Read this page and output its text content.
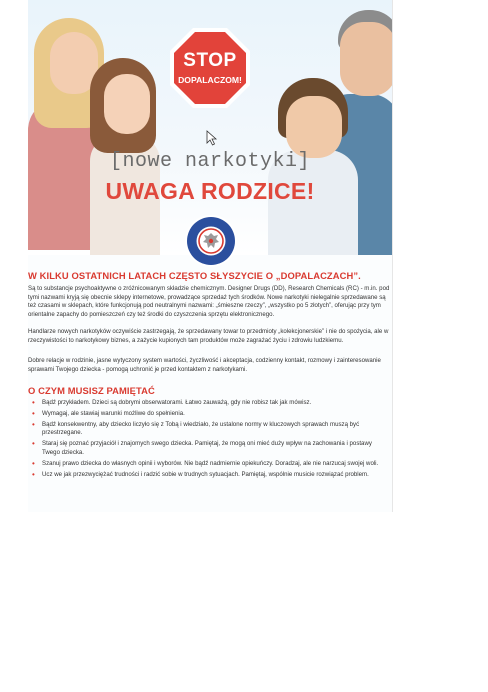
STOP
DOPALACZOM!
[nowe narkotyki]
UWAGA RODZICE!
W KILKU OSTATNICH LATACH CZĘSTO SŁYSZYCIE O „DOPALACZACH”.

Są to substancje psychoaktywne o zróżnicowanym składzie chemicznym. Designer Drugs (DD), Research Chemicals (RC) - m.in. pod tymi nazwami kryją się obecnie sklepy internetowe, prowadzące sprzedaż tych środków. Nowe narkotyki nielegalnie sprzedawane są też czasami w sklepach, które funkcjonują pod neutralnymi nazwami: „śmieszne rzeczy”, „wszystko po 5 złotych”, oferując przy tym orientalne zapachy do pomieszczeń czy też środki do czyszczenia sprzętu elektronicznego.

Handlarze nowych narkotyków oczywiście zastrzegają, że sprzedawany towar to przedmioty „kolekcjonerskie” i nie do spożycia, ale w rzeczywistości to narkotykowy biznes, a zażycie kupionych tam produktów może zagrażać życiu i zdrowiu ludzkiemu.

Dobre relacje w rodzinie, jasne wytyczony system wartości, życzliwość i akceptacja, codzienny kontakt, rozmowy i zainteresowanie sprawami Twojego dziecka - pomogą uchronić je przed kontaktem z narkotykami.

O CZYM MUSISZ PAMIĘTAĆ
• Bądź przykładem. Dzieci są dobrymi obserwatorami. Łatwo zauważą, gdy nie robisz tak jak mówisz.
• Wymagaj, ale stawiaj warunki możliwe do spełnienia.
• Bądź konsekwentny, aby dziecko liczyło się z Tobą i wiedziało, że ustalone normy w kluczowych sprawach muszą być przestrzegane.
• Staraj się poznać przyjaciół i znajomych swego dziecka. Pamiętaj, że mogą oni mieć duży wpływ na zachowania i postawy Twego dziecka.
• Szanuj prawo dziecka do własnych opinii i wyborów. Nie bądź nadmiernie opiekuńczy. Doradzaj, ale nie narzucaj swojej woli.
• Ucz we jak przezwyciężać trudności i radzić sobie w trudnych sytuacjach. Pamiętaj, wspólnie musicie rozwiązać problem.
